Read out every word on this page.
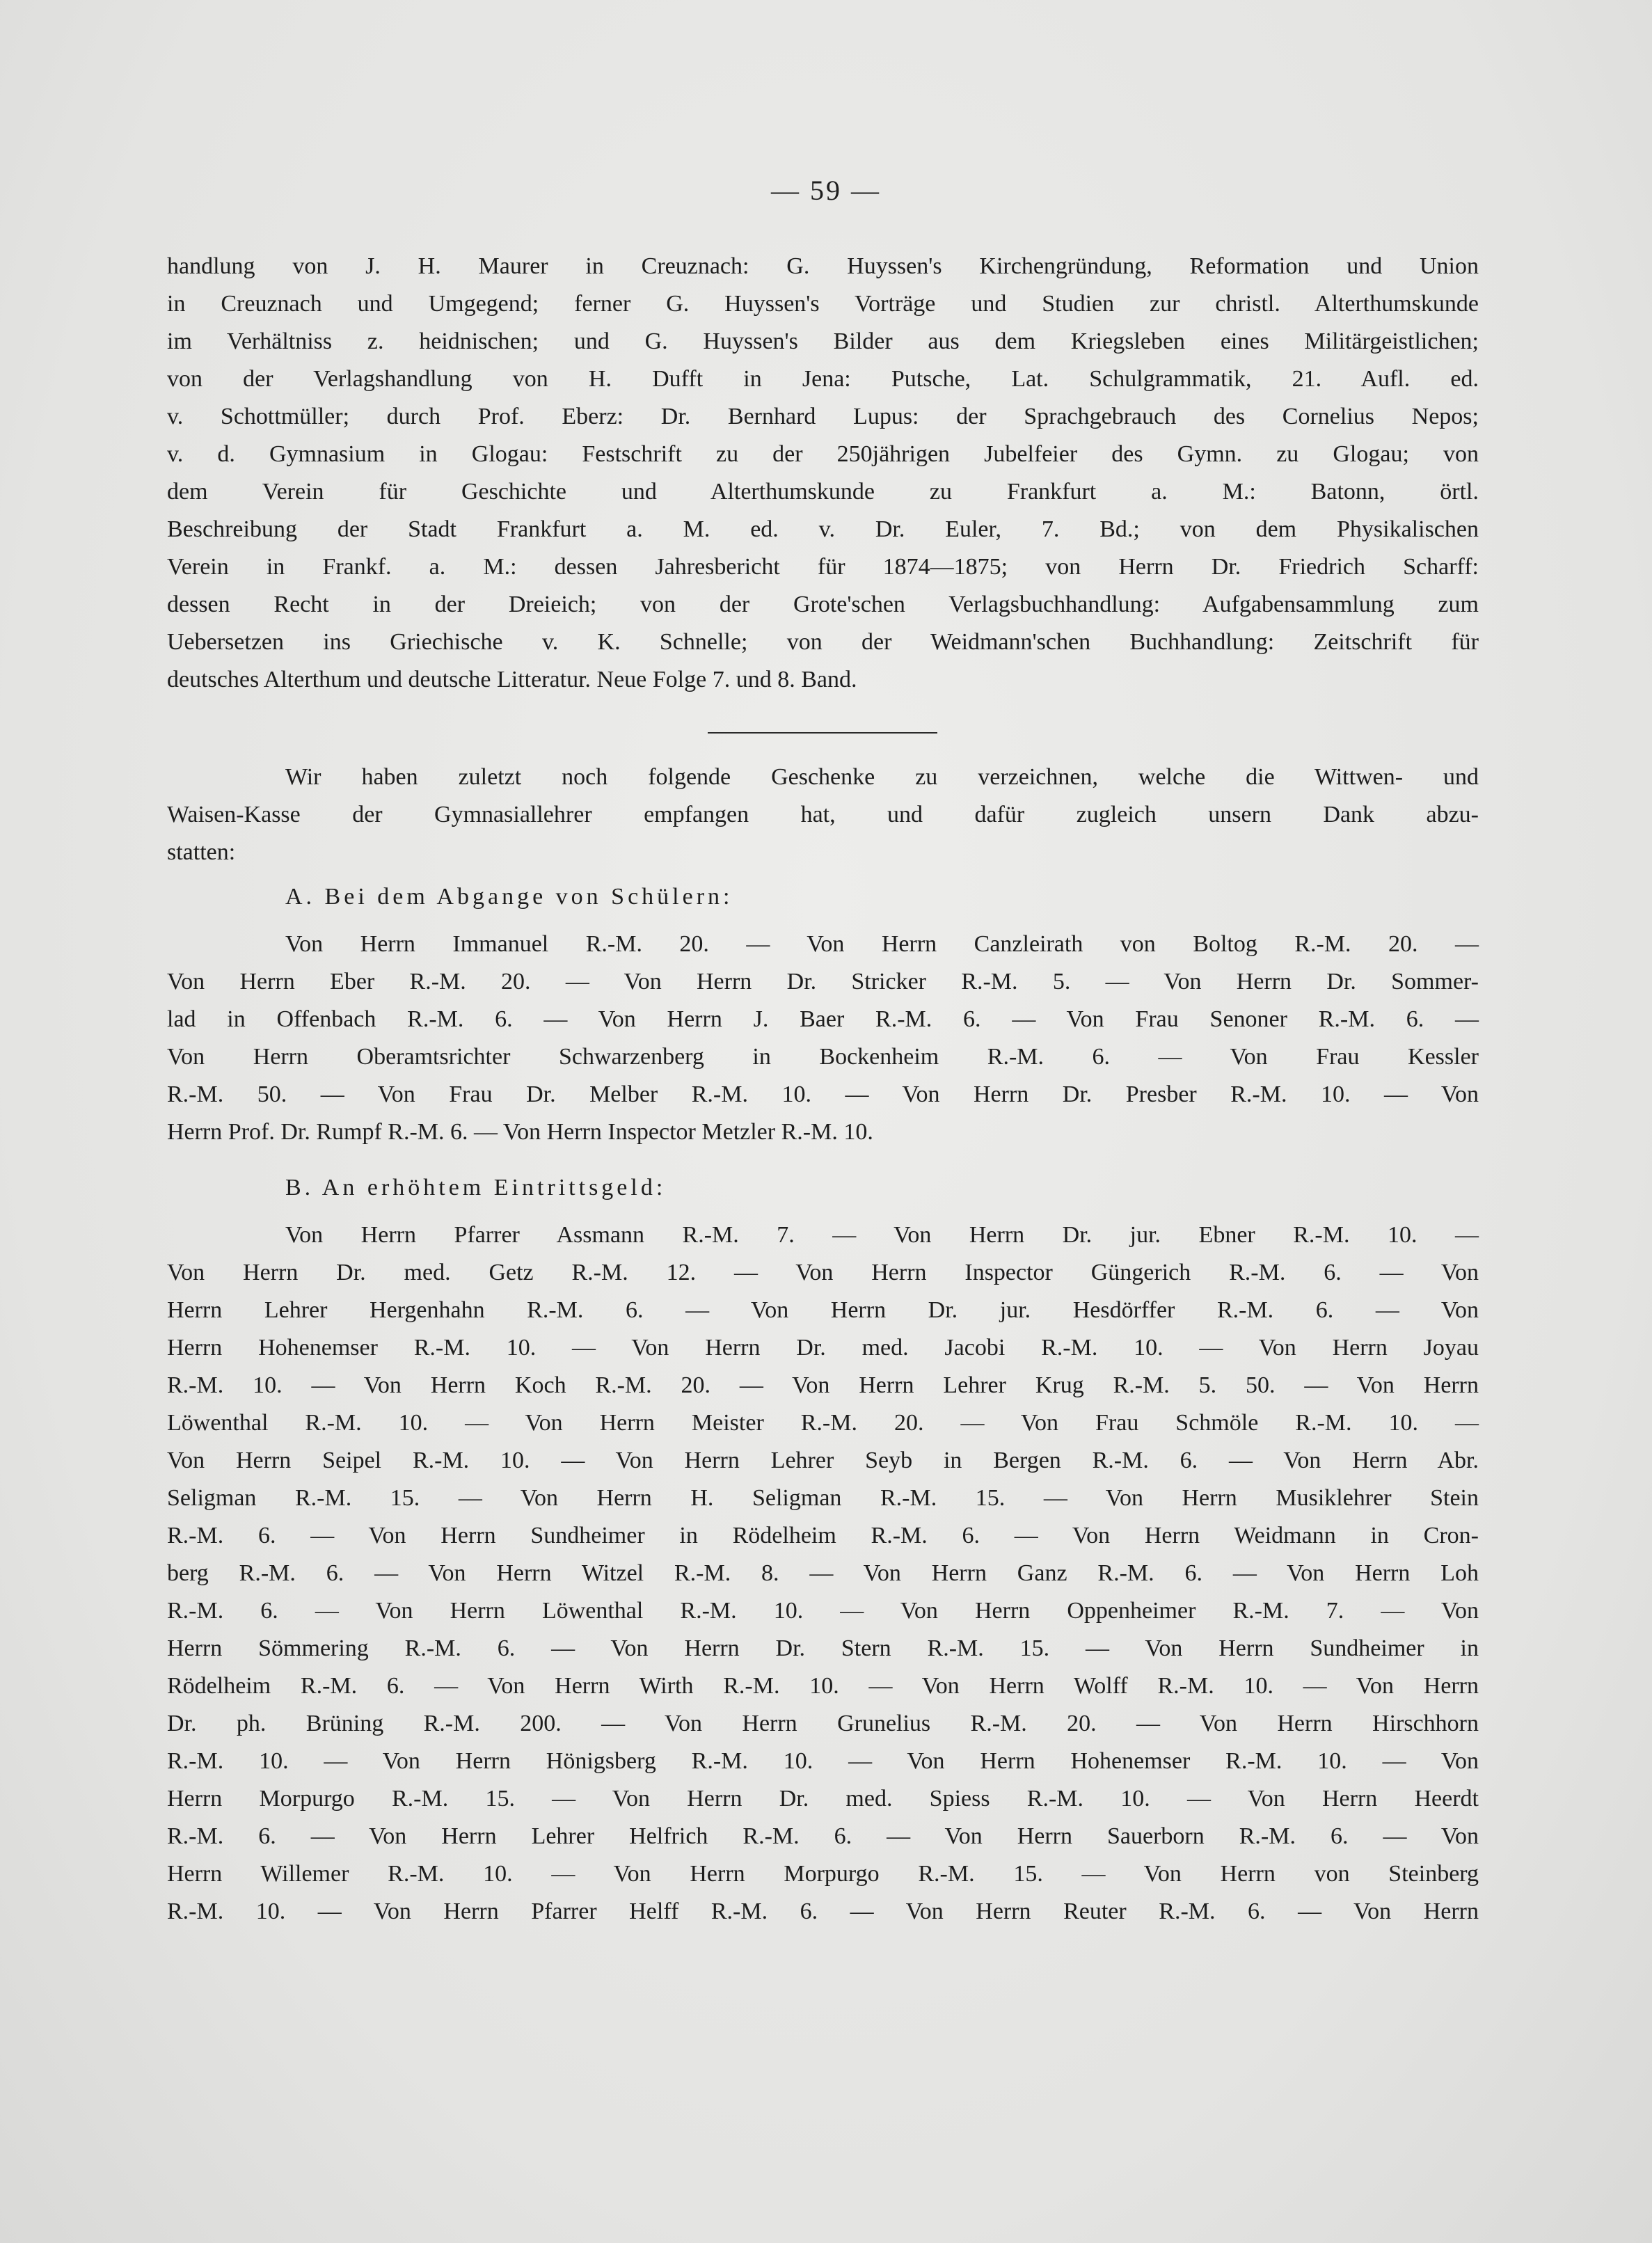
— 59 —
handlung von J. H. Maurer in Creuznach: G. Huyssen's Kirchengründung, Reformation und Union
in Creuznach und Umgegend; ferner G. Huyssen's Vorträge und Studien zur christl. Alterthumskunde
im Verhältniss z. heidnischen; und G. Huyssen's Bilder aus dem Kriegsleben eines Militärgeistlichen;
von der Verlagshandlung von H. Dufft in Jena: Putsche, Lat. Schulgrammatik, 21. Aufl. ed.
v. Schottmüller; durch Prof. Eberz: Dr. Bernhard Lupus: der Sprachgebrauch des Cornelius Nepos;
v. d. Gymnasium in Glogau: Festschrift zu der 250jährigen Jubelfeier des Gymn. zu Glogau; von
dem Verein für Geschichte und Alterthumskunde zu Frankfurt a. M.: Batonn, örtl.
Beschreibung der Stadt Frankfurt a. M. ed. v. Dr. Euler, 7. Bd.; von dem Physikalischen
Verein in Frankf. a. M.: dessen Jahresbericht für 1874—1875; von Herrn Dr. Friedrich Scharff:
dessen Recht in der Dreieich; von der Grote'schen Verlagsbuchhandlung: Aufgabensammlung zum
Uebersetzen ins Griechische v. K. Schnelle; von der Weidmann'schen Buchhandlung: Zeitschrift für
deutsches Alterthum und deutsche Litteratur. Neue Folge 7. und 8. Band.
Wir haben zuletzt noch folgende Geschenke zu verzeichnen, welche die Wittwen- und
Waisen-Kasse der Gymnasiallehrer empfangen hat, und dafür zugleich unsern Dank abzu-
statten:
A. Bei dem Abgange von Schülern:
Von Herrn Immanuel R.-M. 20. — Von Herrn Canzleirath von Boltog R.-M. 20. —
Von Herrn Eber R.-M. 20. — Von Herrn Dr. Stricker R.-M. 5. — Von Herrn Dr. Sommer-
lad in Offenbach R.-M. 6. — Von Herrn J. Baer R.-M. 6. — Von Frau Senoner R.-M. 6. —
Von Herrn Oberamtsrichter Schwarzenberg in Bockenheim R.-M. 6. — Von Frau Kessler
R.-M. 50. — Von Frau Dr. Melber R.-M. 10. — Von Herrn Dr. Presber R.-M. 10. — Von
Herrn Prof. Dr. Rumpf R.-M. 6. — Von Herrn Inspector Metzler R.-M. 10.
B. An erhöhtem Eintrittsgeld:
Von Herrn Pfarrer Assmann R.-M. 7. — Von Herrn Dr. jur. Ebner R.-M. 10. —
Von Herrn Dr. med. Getz R.-M. 12. — Von Herrn Inspector Güngerich R.-M. 6. — Von
Herrn Lehrer Hergenhahn R.-M. 6. — Von Herrn Dr. jur. Hesdörffer R.-M. 6. — Von
Herrn Hohenemser R.-M. 10. — Von Herrn Dr. med. Jacobi R.-M. 10. — Von Herrn Joyau
R.-M. 10. — Von Herrn Koch R.-M. 20. — Von Herrn Lehrer Krug R.-M. 5. 50. — Von Herrn
Löwenthal R.-M. 10. — Von Herrn Meister R.-M. 20. — Von Frau Schmöle R.-M. 10. —
Von Herrn Seipel R.-M. 10. — Von Herrn Lehrer Seyb in Bergen R.-M. 6. — Von Herrn Abr.
Seligman R.-M. 15. — Von Herrn H. Seligman R.-M. 15. — Von Herrn Musiklehrer Stein
R.-M. 6. — Von Herrn Sundheimer in Rödelheim R.-M. 6. — Von Herrn Weidmann in Cron-
berg R.-M. 6. — Von Herrn Witzel R.-M. 8. — Von Herrn Ganz R.-M. 6. — Von Herrn Loh
R.-M. 6. — Von Herrn Löwenthal R.-M. 10. — Von Herrn Oppenheimer R.-M. 7. — Von
Herrn Sömmering R.-M. 6. — Von Herrn Dr. Stern R.-M. 15. — Von Herrn Sundheimer in
Rödelheim R.-M. 6. — Von Herrn Wirth R.-M. 10. — Von Herrn Wolff R.-M. 10. — Von Herrn
Dr. ph. Brüning R.-M. 200. — Von Herrn Grunelius R.-M. 20. — Von Herrn Hirschhorn
R.-M. 10. — Von Herrn Hönigsberg R.-M. 10. — Von Herrn Hohenemser R.-M. 10. — Von
Herrn Morpurgo R.-M. 15. — Von Herrn Dr. med. Spiess R.-M. 10. — Von Herrn Heerdt
R.-M. 6. — Von Herrn Lehrer Helfrich R.-M. 6. — Von Herrn Sauerborn R.-M. 6. — Von
Herrn Willemer R.-M. 10. — Von Herrn Morpurgo R.-M. 15. — Von Herrn von Steinberg
R.-M. 10. — Von Herrn Pfarrer Helff R.-M. 6. — Von Herrn Reuter R.-M. 6. — Von Herrn
